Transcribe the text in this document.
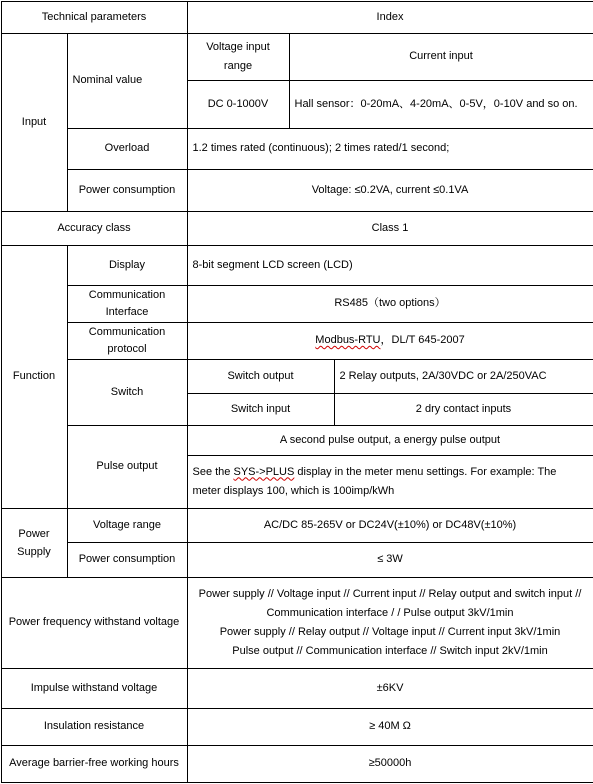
Technical parameters		Index		
Input	Nominal value	Voltage input range	Current input	
		DC 0-1000V	Hall sensor：0-20mA、4-20mA、0-5V，0-10V and so on.	
	Overload	1.2 times rated (continuous); 2 times rated/1 second;		
	Power consumption	Voltage: ≤0.2VA, current ≤0.1VA		
Accuracy class		Class 1		
Function	Display	8-bit segment LCD screen (LCD)		
	Communication Interface	RS485（two options）		
	Communication protocol	Modbus-RTU，DL/T 645-2007		
	Switch	Switch output		2 Relay outputs, 2A/30VDC or 2A/250VAC
		Switch input		2 dry contact inputs
	Pulse output	A second pulse output, a energy pulse output		
		See the SYS->PLUS display in the meter menu settings. For example: The meter displays 100, which is 100imp/kWh		
Power Supply	Voltage range	AC/DC 85-265V or DC24V(±10%) or DC48V(±10%)		
	Power consumption	≤ 3W		
Power frequency withstand voltage		Power supply // Voltage input // Current input // Relay output and switch input //
Communication interface / / Pulse output 3kV/1min
Power supply // Relay output // Voltage input // Current input 3kV/1min
Pulse output // Communication interface // Switch input 2kV/1min		

Impulse withstand voltage		±6KV		
Insulation resistance		≥ 40M Ω		
Average barrier-free working hours		≥50000h		
